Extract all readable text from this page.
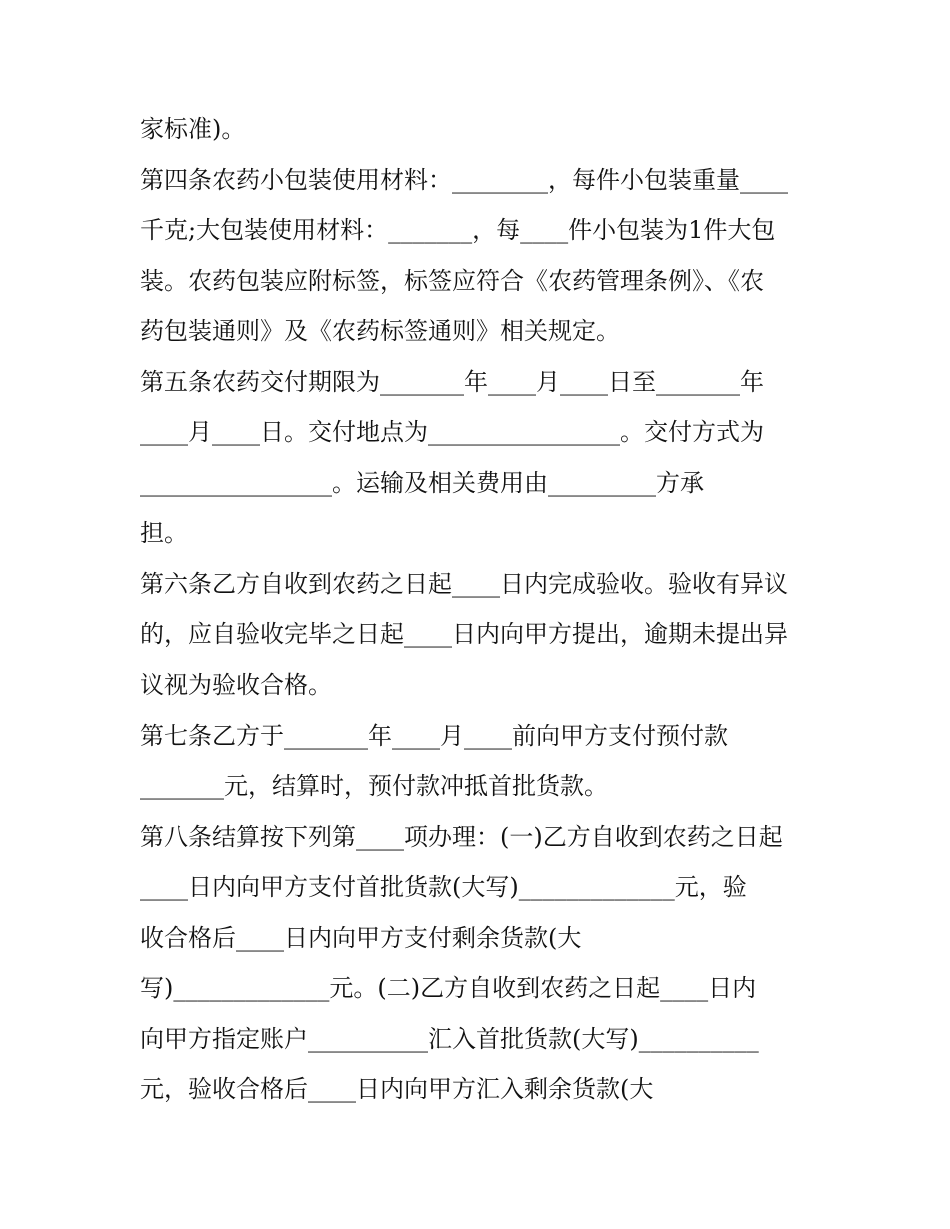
家标准)。
第四条农药小包装使用材料：________，每件小包装重量____
千克;大包装使用材料：_______，每____件小包装为1件大包
装。农药包装应附标签，标签应符合《农药管理条例》、《农
药包装通则》及《农药标签通则》相关规定。
第五条农药交付期限为_______年____月____日至_______年
____月____日。交付地点为________________。交付方式为
________________。运输及相关费用由_________方承
担。
第六条乙方自收到农药之日起____日内完成验收。验收有异议
的，应自验收完毕之日起____日内向甲方提出，逾期未提出异
议视为验收合格。
第七条乙方于_______年____月____前向甲方支付预付款
_______元，结算时，预付款冲抵首批货款。
第八条结算按下列第____项办理：(一)乙方自收到农药之日起
____日内向甲方支付首批货款(大写)_____________元，验
收合格后____日内向甲方支付剩余货款(大
写)_____________元。(二)乙方自收到农药之日起____日内
向甲方指定账户__________汇入首批货款(大写)__________
元，验收合格后____日内向甲方汇入剩余货款(大
